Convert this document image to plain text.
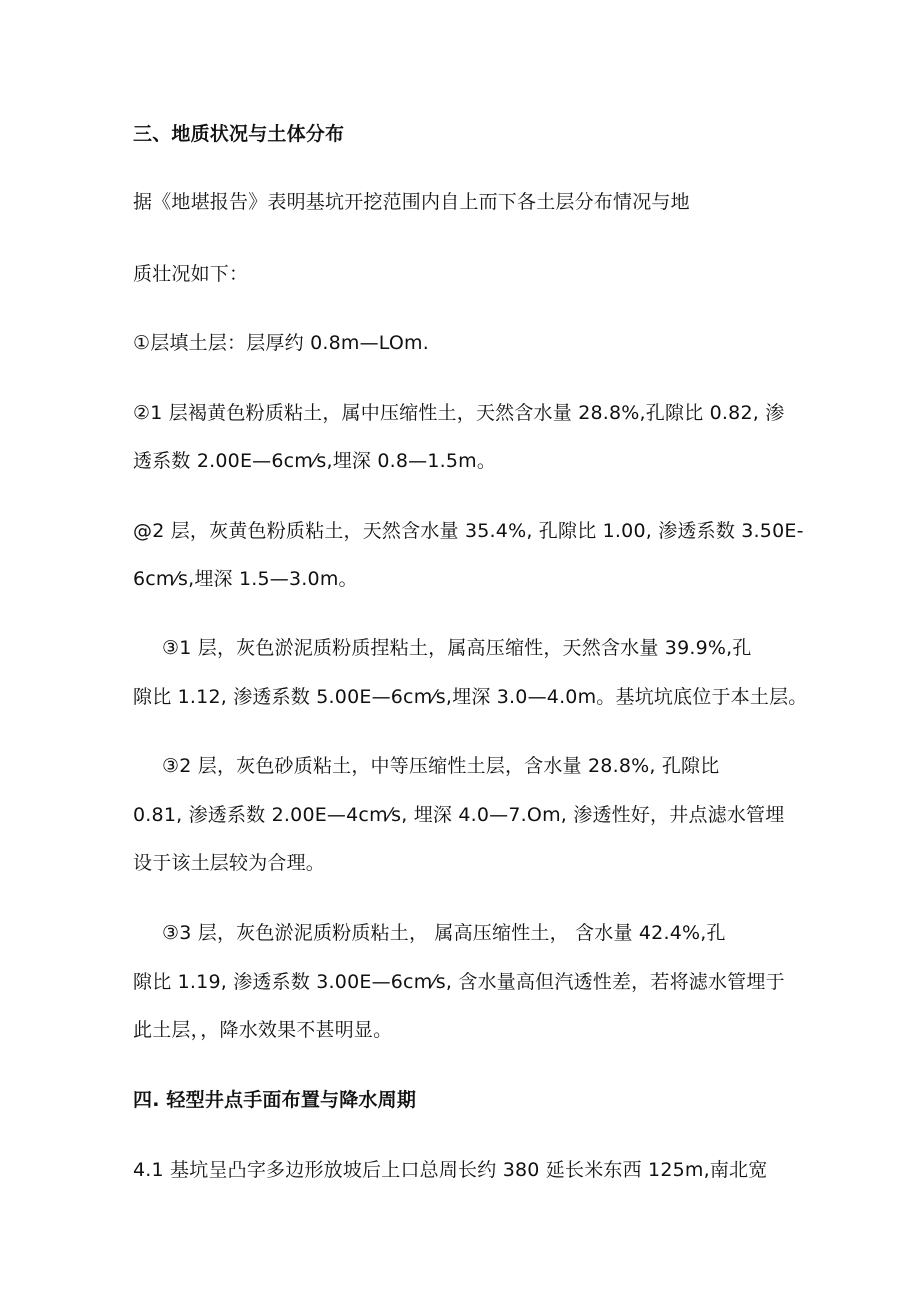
三、地质状况与土体分布
据《地堪报告》表明基坑开挖范围内自上而下各土层分布情况与地
质壮况如下：
①层填土层：层厚约 0.8m—LOm.
②1 层褐黄色粉质粘土，属中压缩性土，天然含水量 28.8%,孔隙比 0.82, 渗
透系数 2.00E—6cm⁄s,埋深 0.8—1.5m。
@2 层，灰黄色粉质粘土，天然含水量 35.4%, 孔隙比 1.00, 渗透系数 3.50E-
6cm⁄s,埋深 1.5—3.0m。
③1 层，灰色淤泥质粉质捏粘土，属高压缩性，天然含水量 39.9%,孔
隙比 1.12, 渗透系数 5.00E—6cm⁄s,埋深 3.0—4.0m。基坑坑底位于本土层。
③2 层，灰色砂质粘土，中等压缩性土层，含水量 28.8%, 孔隙比
0.81, 渗透系数 2.00E—4cm⁄s, 埋深 4.0—7.Om, 渗透性好，井点滤水管埋
设于该土层较为合理。
③3 层，灰色淤泥质粉质粘土， 属高压缩性土， 含水量 42.4%,孔
隙比 1.19, 渗透系数 3.00E—6cm⁄s, 含水量高但汽透性差，若将滤水管埋于
此土层，，降水效果不甚明显。
四. 轻型井点手面布置与降水周期
4.1 基坑呈凸字多边形放坡后上口总周长约 380 延长米东西 125m,南北宽
